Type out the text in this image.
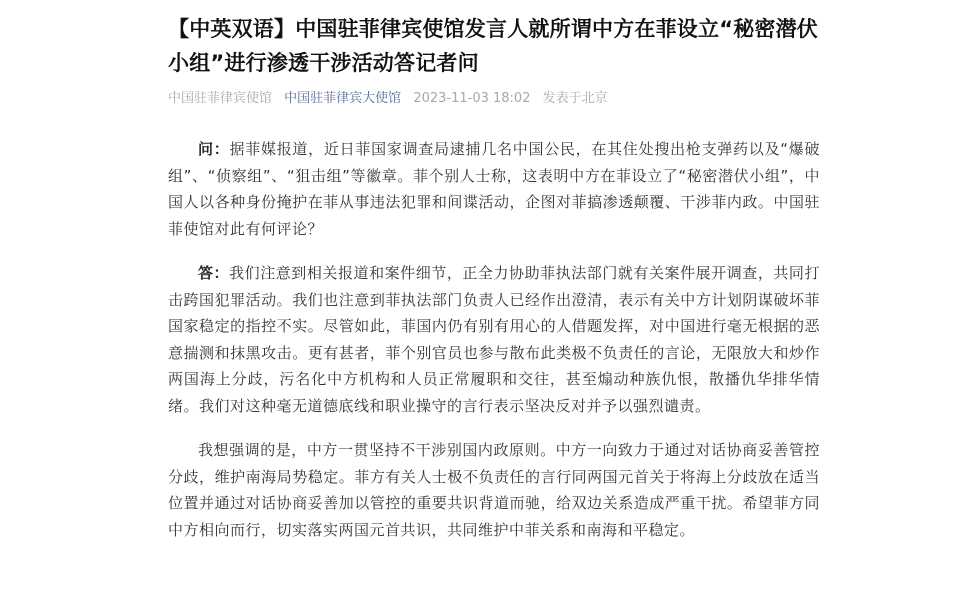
【中英双语】中国驻菲律宾使馆发言人就所谓中方在菲设立“秘密潜伏小组”进行渗透干涉活动答记者问
中国驻菲律宾使馆 中国驻菲律宾大使馆 2023-11-03 18:02 发表于北京

问：据菲媒报道，近日菲国家调查局逮捕几名中国公民，在其住处搜出枪支弹药以及“爆破组”、“侦察组”、“狙击组”等徽章。菲个别人士称，这表明中方在菲设立了“秘密潜伏小组”，中国人以各种身份掩护在菲从事违法犯罪和间谍活动，企图对菲搞渗透颠覆、干涉菲内政。中国驻菲使馆对此有何评论？

答：我们注意到相关报道和案件细节，正全力协助菲执法部门就有关案件展开调查，共同打击跨国犯罪活动。我们也注意到菲执法部门负责人已经作出澄清，表示有关中方计划阴谋破坏菲国家稳定的指控不实。尽管如此，菲国内仍有别有用心的人借题发挥，对中国进行毫无根据的恶意揣测和抹黑攻击。更有甚者，菲个别官员也参与散布此类极不负责任的言论，无限放大和炒作两国海上分歧，污名化中方机构和人员正常履职和交往，甚至煽动种族仇恨，散播仇华排华情绪。我们对这种毫无道德底线和职业操守的言行表示坚决反对并予以强烈谴责。

我想强调的是，中方一贯坚持不干涉别国内政原则。中方一向致力于通过对话协商妥善管控分歧，维护南海局势稳定。菲方有关人士极不负责任的言行同两国元首关于将海上分歧放在适当位置并通过对话协商妥善加以管控的重要共识背道而驰，给双边关系造成严重干扰。希望菲方同中方相向而行，切实落实两国元首共识，共同维护中菲关系和南海和平稳定。
